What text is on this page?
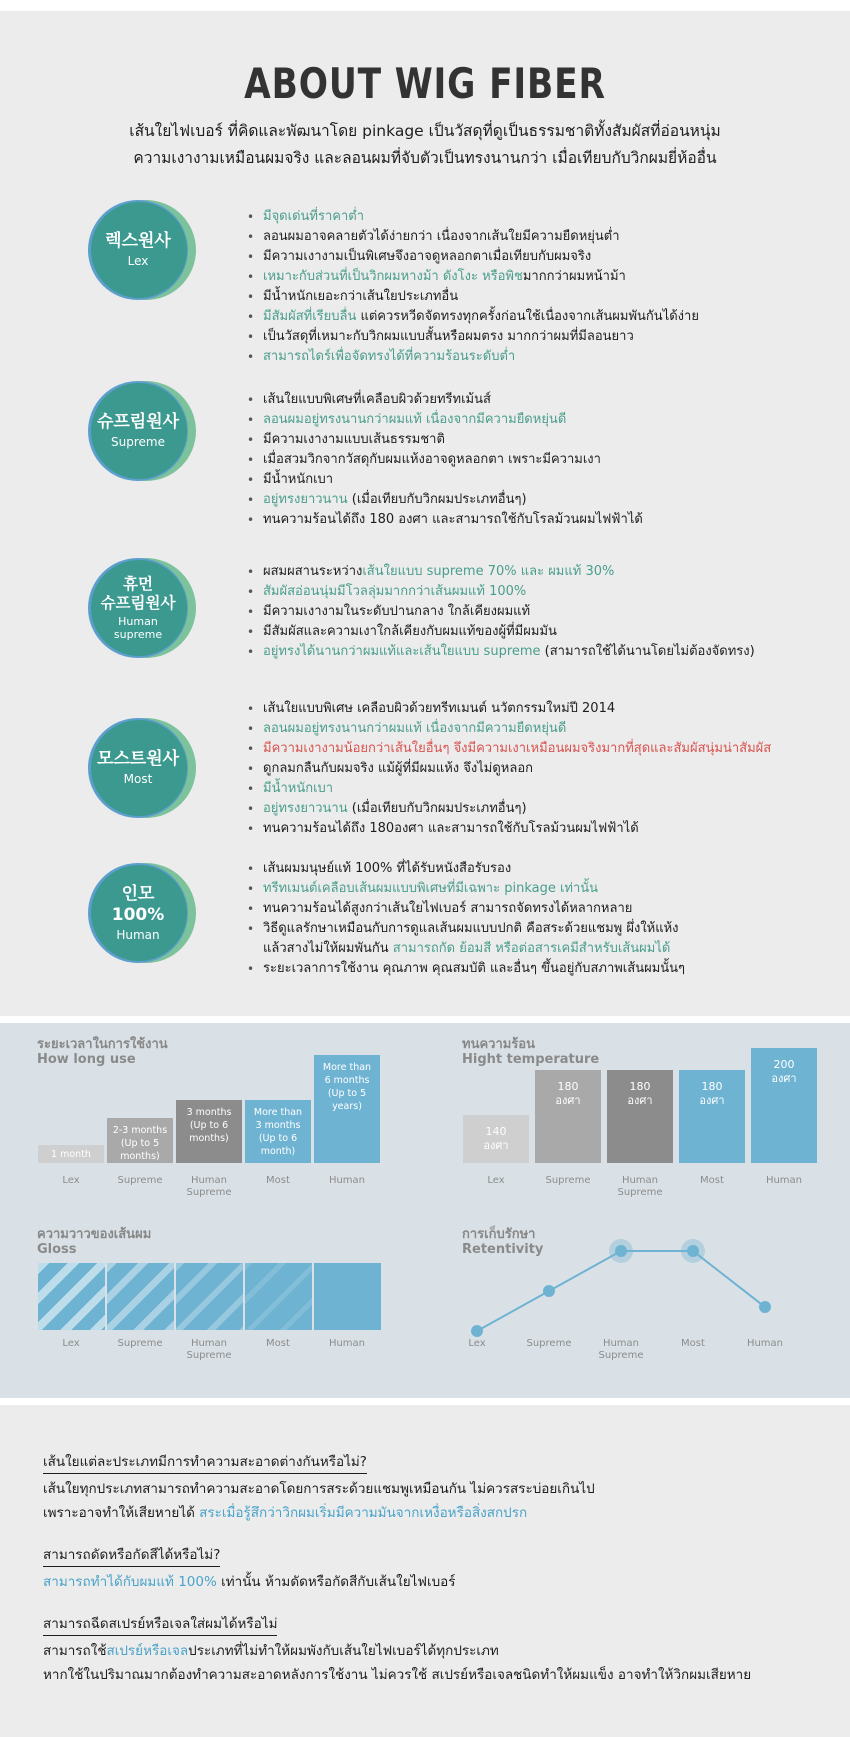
ABOUT WIG FIBER
เส้นใยไฟเบอร์ ที่คิดและพัฒนาโดย pinkage เป็นวัสดุที่ดูเป็นธรรมชาติทั้งสัมผัสที่อ่อนหนุ่ม
ความเงางามเหมือนผมจริง และลอนผมที่จับตัวเป็นทรงนานกว่า เมื่อเทียบกับวิกผมยี่ห้ออื่น
렉스원사
Lex
• มีจุดเด่นที่ราคาต่ำ
• ลอนผมอาจคลายตัวได้ง่ายกว่า เนื่องจากเส้นใยมีความยืดหยุ่นต่ำ
• มีความเงางามเป็นพิเศษจึงอาจดูหลอกตาเมื่อเทียบกับผมจริง
• เหมาะกับส่วนที่เป็นวิกผมหางม้า ดังโงะ หรือพิชมากกว่าผมหน้าม้า
• มีน้ำหนักเยอะกว่าเส้นใยประเภทอื่น
• มีสัมผัสที่เรียบลื่น แต่ควรหวีดจัดทรงทุกครั้งก่อนใช้เนื่องจากเส้นผมพันกันได้ง่าย
• เป็นวัสดุที่เหมาะกับวิกผมแบบสั้นหรือผมตรง มากกว่าผมที่มีลอนยาว
• สามารถไดร์เพื่อจัดทรงได้ที่ความร้อนระดับต่ำ
슈프림원사
Supreme
• เส้นใยแบบพิเศษที่เคลือบผิวด้วยทรีทเม้นส์
• ลอนผมอยู่ทรงนานกว่าผมแท้ เนื่องจากมีความยืดหยุ่นดี
• มีความเงางามแบบเส้นธรรมชาติ
• เมื่อสวมวิกจากวัสดุกับผมแห้งอาจดูหลอกตา เพราะมีความเงา
• มีน้ำหนักเบา
• อยู่ทรงยาวนาน (เมื่อเทียบกับวิกผมประเภทอื่นๆ)
• ทนความร้อนได้ถึง 180 องศา และสามารถใช้กับโรลม้วนผมไฟฟ้าได้
휴먼
슈프림원사
Human
supreme
• ผสมผสานระหว่างเส้นใยแบบ supreme 70% และ ผมแท้ 30%
• สัมผัสอ่อนนุ่มมีโวลลุ่มมากกว่าเส้นผมแท้ 100%
• มีความเงางามในระดับปานกลาง ใกล้เคียงผมแท้
• มีสัมผัสและความเงาใกล้เคียงกับผมแท้ของผู้ที่มีผมมัน
• อยู่ทรงได้นานกว่าผมแท้และเส้นใยแบบ supreme (สามารถใช้ได้นานโดยไม่ต้องจัดทรง)
모스트원사
Most
• เส้นใยแบบพิเศษ เคลือบผิวด้วยทรีทเมนต์ นวัตกรรมใหม่ปี 2014
• ลอนผมอยู่ทรงนานกว่าผมแท้ เนื่องจากมีความยืดหยุ่นดี
• มีความเงางามน้อยกว่าเส้นใยอื่นๆ จึงมีความเงาเหมือนผมจริงมากที่สุดและสัมผัสนุ่มน่าสัมผัส
• ดูกลมกลืนกับผมจริง แม้ผู้ที่มีผมแห้ง จึงไม่ดูหลอก
• มีน้ำหนักเบา
• อยู่ทรงยาวนาน (เมื่อเทียบกับวิกผมประเภทอื่นๆ)
• ทนความร้อนได้ถึง 180องศา และสามารถใช้กับโรลม้วนผมไฟฟ้าได้
인모
100%
Human
• เส้นผมมนุษย์แท้ 100% ที่ได้รับหนังสือรับรอง
• ทรีทเมนต์เคลือบเส้นผมแบบพิเศษที่มีเฉพาะ pinkage เท่านั้น
• ทนความร้อนได้สูงกว่าเส้นใยไฟเบอร์ สามารถจัดทรงได้หลากหลาย
• วิธีดูแลรักษาเหมือนกับการดูแลเส้นผมแบบปกติ คือสระด้วยแชมพู ผึ่งให้แห้ง
แล้วสางไม่ให้ผมพันกัน สามารถกัด ย้อมสี หรือต่อสารเคมีสำหรับเส้นผมได้
• ระยะเวลาการใช้งาน คุณภาพ คุณสมบัติ และอื่นๆ ขึ้นอยู่กับสภาพเส้นผมนั้นๆ
ระยะเวลาในการใช้งาน
How long use
1 month
2-3 months
(Up to 5
months)
3 months
(Up to 6
months)
More than
3 months
(Up to 6
month)
More than
6 months
(Up to 5 years)
Lex	Supreme	Human
Supreme
Most	Human
ทนความร้อน
Hight temperature
140
องศา
180
องศา
180
องศา
180
องศา
200
องศา
Lex	Supreme	Human
Supreme
Most	Human
ความวาวของเส้นผม
Gloss
Lex	Supreme	Human
Supreme
Most	Human
การเก็บรักษา
Retentivity
Lex	Supreme	Human
Supreme
Most	Human
เส้นใยแต่ละประเภทมีการทำความสะอาดต่างกันหรือไม่?
เส้นใยทุกประเภทสามารถทำความสะอาดโดยการสระด้วยแชมพูเหมือนกัน ไม่ควรสระบ่อยเกินไป
เพราะอาจทำให้เสียหายได้ สระเมื่อรู้สึกว่าวิกผมเริ่มมีความมันจากเหงื่อหรือสิ่งสกปรก
สามารถดัดหรือกัดสีได้หรือไม่?
สามารถทำได้กับผมแท้ 100% เท่านั้น ห้ามดัดหรือกัดสีกับเส้นใยไฟเบอร์
สามารถฉีดสเปรย์หรือเจลใส่ผมได้หรือไม่
สามารถใช้สเปรย์หรือเจลประเภทที่ไม่ทำให้ผมพังกับเส้นใยไฟเบอร์ได้ทุกประเภท
หากใช้ในปริมาณมากต้องทำความสะอาดหลังการใช้งาน ไม่ควรใช้ สเปรย์หรือเจลชนิดทำให้ผมแข็ง อาจทำให้วิกผมเสียหาย
